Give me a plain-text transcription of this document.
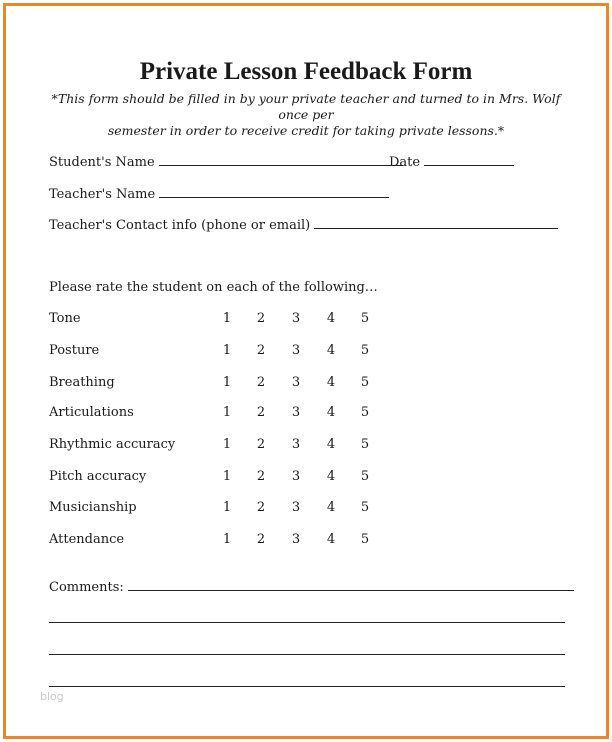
Private Lesson Feedback Form
*This form should be filled in by your private teacher and turned to in Mrs. Wolf once per
semester in order to receive credit for taking private lessons.*
Student's Name	Date
Teacher's Name
Teacher's Contact info (phone or email)
Please rate the student on each of the following…
Tone	1 2 3 4 5
Posture	1 2 3 4 5
Breathing	1 2 3 4 5
Articulations	1 2 3 4 5
Rhythmic accuracy	1 2 3 4 5
Pitch accuracy	1 2 3 4 5
Musicianship	1 2 3 4 5
Attendance	1 2 3 4 5
Comments:
blog
